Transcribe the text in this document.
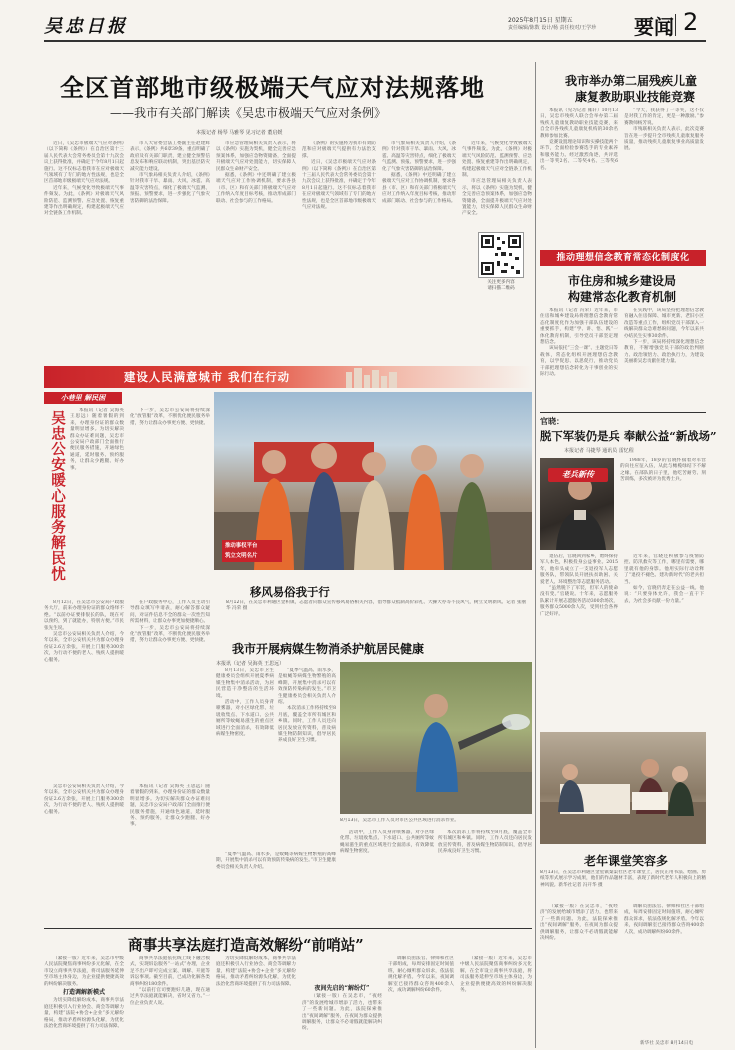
吴忠日报	2025年8月15日 星期五
责任编辑/陈数 设计/杨 责任校对/王学珍 要闻 2
全区首部地市级极端天气应对法规落地
——我市有关部门解读《吴忠市极端天气应对条例》
本报记者 杨琴 马雅琴 见习记者 董启媛

近日，《吴忠市极端天气应对条例》（以下简称《条例》）在自治区第十三届人民代表大会常务委员会第十九次会议上获得批准，并确定于今年8月1日起施行。这不仅标志着我市在应对极端天气领域有了专门的地方性法规，也是全区首部地市级极端天气应对法规。

近年来，气候变化导致极端天气事件频发。为此，《条例》对极端天气风险防范、监测预警、应急处置、恢复重建等作出明确规定，构建起极端天气应对全链条工作机制。

市人大常委会法工委副主任赵建辉表示，《条例》共6章39条，重点明确了政府及有关部门职责，建立健全预警信息发布和响应联动机制，突出基层防灾减灾能力建设。

市气象局相关负责人介绍，《条例》针对我市干旱、暴雨、大风、冰雹、高温等灾害特点，细化了极端天气监测、预报、预警要求，进一步强化了气象灾害防御的法治保障。

市应急管理局相关负责人表示，将以《条例》实施为契机，健全完善应急预案体系，加强应急物资储备，全面提升极端天气应对处置能力，切实保障人民群众生命财产安全。

据悉，《条例》中还明确了建立极端天气应对工作协调机制，要求各县（市、区）和有关部门将极端天气应对工作纳入年度目标考核，推动形成部门联动、社会参与的工作格局。

《条例》的实施将为我市有效防范和应对极端天气提供有力法治支撑。

近日，《吴忠市极端天气应对条例》（以下简称《条例》）在自治区第十三届人民代表大会常务委员会第十九次会议上获得批准，并确定于今年8月1日起施行。这不仅标志着我市在应对极端天气领域有了专门的地方性法规，也是全区首部地市级极端天气应对法规。

市气象局相关负责人介绍，《条例》针对我市干旱、暴雨、大风、冰雹、高温等灾害特点，细化了极端天气监测、预报、预警要求，进一步强化了气象灾害防御的法治保障。

据悉，《条例》中还明确了建立极端天气应对工作协调机制，要求各县（市、区）和有关部门将极端天气应对工作纳入年度目标考核，推动形成部门联动、社会参与的工作格局。

近年来，气候变化导致极端天气事件频发。为此，《条例》对极端天气风险防范、监测预警、应急处置、恢复重建等作出明确规定，构建起极端天气应对全链条工作机制。

市应急管理局相关负责人表示，将以《条例》实施为契机，健全完善应急预案体系，加强应急物资储备，全面提升极端天气应对处置能力，切实保障人民群众生命财产安全。

关注更多内容
请扫描二维码
我市举办第二届残疾儿童
康复教助职业技能竞赛

本报讯（见习记者 雍轩）10月13日，吴忠市残疾人联合会举办第二届残疾儿童康复教助职业技能竞赛，来自全市各残疾儿童康复机构的30余名教师参加比赛。

竞赛设置理论知识和实操技能两个环节，全面检验参赛选手的专业素养和服务能力。经过激烈角逐，共评选出一等奖2名、二等奖4名、三等奖6名。

“今天，我获得了一等奖，这不仅是对我工作的肯定，更是一种激励。”参赛教师杨芳说。

市残联相关负责人表示，此次竞赛旨在进一步提升全市残疾儿童康复服务质量，推动残疾儿童康复事业高质量发展。

推动理想信念教育常态化制度化
市住房和城乡建设局
构建常态化教育机制

本报讯（记者 冯荣）近年来，市住房和城乡建设局将理想信念教育常态化制度化作为加强干部队伍建设的重要抓手，构建“学、讲、悟、践”一体化教育机制，引导党员干部坚定理想信念。

该局依托“三会一课”、主题党日等载体，常态化组织开展理想信念教育，以学促思、以思促行，推动党员干部把理想信念转化为干事创业的实际行动。

在实践中，该局坚持把理想信念教育融入住房保障、城市更新、老旧小区改造等重点工作，组织党员干部深入一线解决群众急难愁盼问题，今年以来共办结民生实事30余件。

下一步，该局将持续深化理想信念教育，不断增强党员干部的政治判断力、政治领悟力、政治执行力，为建设美丽新吴忠贡献住建力量。

官晓：
脱下军装仍是兵 奉献公益“新战场”
本报记者 马捷琴 通讯员 雷忆程
老兵新传

1988年，18岁的官晓怀揣着对军营的向往应征入伍，从此与橄榄绿结下不解之缘。在部队的日子里，他吃苦耐劳、刻苦训练，多次被评为优秀士兵。

退伍后，官晓回到家乡，始终保持军人本色，积极投身公益事业。2015年，他牵头成立了一支退役军人志愿服务队，带领队员开展扶贫助困、关爱老人、环境整治等志愿服务活动。

“虽然脱下了军装，但军人的使命没有变。”官晓说。十年来，志愿服务队累计开展志愿服务活动300余场次，服务群众5000余人次，受到社会各界广泛好评。

近年来，官晓还积极参与疫情防控、防汛救灾等工作，哪里有需要，哪里就有他的身影。他用实际行动诠释了“退役不褪色、建功新时代”的老兵担当。

如今，官晓仍奔走在公益一线。他说：“只要身体允许，我会一直干下去，为社会多贡献一份力量。”

老年课堂笑容多
8月13日，在吴忠市利通区金星镇秦渠社区老年课堂上，居民正用书法、绘画、剪纸等形式展示学习成果，他们的作品题材丰富，表现了新时代老年人积极向上的精神风貌。新华社记者 冯开华 摄
建设人民满意城市 我们在行动
小巷里 解民困
吴忠公安暖心服务解民忧	本报讯（记者 吴海英 王思远）随着暑假的到来，办理身份证的群众数量明显增多。为切实解决群众办证难问题，吴忠市公安局户政部门全面推行便民服务措施，开通绿色通道，延时服务、预约服务，让群众少跑腿、好办事。

8月12日，在吴忠市公安局户政服务大厅，前来办理身份证的群众络绎不绝。“以前办证要排很长的队，现在可以预约，到了就能办，特别方便。”市民张先生说。

吴忠市公安局相关负责人介绍，今年以来，全市公安机关共为群众办理身份证2.6万余张，开展上门服务300余次，为行动不便的老人、残疾人提供暖心服务。

在户政服务中心，工作人员主动引导群众填写申请表，耐心解答群众疑问，对证件信息不全的群众一次性告知所需材料，让群众办事更加便捷顺心。

下一步，吴忠市公安局将持续深化“放管服”改革，不断优化便民服务举措，努力让群众办事更方便、更快捷。

吴忠市公安局相关负责人介绍，今年以来，全市公安机关共为群众办理身份证2.6万余张，开展上门服务300余次，为行动不便的老人、残疾人提供暖心服务。

本报讯（记者 吴海英 王思远）随着暑假的到来，办理身份证的群众数量明显增多。为切实解决群众办证难问题，吴忠市公安局户政部门全面推行便民服务措施，开通绿色通道，延时服务、预约服务，让群众少跑腿、好办事。

下一步，吴忠市公安局将持续深化“放管服”改革，不断优化便民服务举措，努力让群众办事更方便、更快捷。

推动事权平台
筑立文明名片
移风易俗我于行
8月12日，在吴忠市利通区金积镇，志愿者向群众宣传移风易俗相关内容，倡导群众抵制高价彩礼、大操大办等不良风气，树立文明新风。记者 张丽华 冯荣 摄
我市开展病媒生物消杀护航居民健康
本报讯（记者 吴海英 王思远）

8月13日，吴忠市卫生健康委员会组织开展夏季病媒生物集中消杀活动，为居民营造干净整洁的生活环境。

活动中，工作人员身背喷雾器，对小区绿化带、垃圾收集点、下水道口、公共厕所等蚊蝇易滋生的重点区域进行全面消杀，有效降低病媒生物密度。

“夏季气温高、雨水多，是蚊蝇等病媒生物繁殖的高峰期，开展集中消杀可以有效预防传染病的发生。”市卫生健康委员会相关负责人介绍。

本次消杀工作将持续至8月底，覆盖全市所有城区和乡镇。同时，工作人员还向居民发放宣传资料，普及病媒生物防制知识，倡导居民养成良好卫生习惯。

8月13日，吴忠市工作人员对市区公共区域进行消杀作业。

活动中，工作人员身背喷雾器，对小区绿化带、垃圾收集点、下水道口、公共厕所等蚊蝇易滋生的重点区域进行全面消杀，有效降低病媒生物密度。

本次消杀工作将持续至8月底，覆盖全市所有城区和乡镇。同时，工作人员还向居民发放宣传资料，普及病媒生物防制知识，倡导居民养成良好卫生习惯。

“夏季气温高、雨水多，是蚊蝇等病媒生物繁殖的高峰期，开展集中消杀可以有效预防传染病的发生。”市卫生健康委员会相关负责人介绍。

商事共享法庭打造高效解纷“前哨站”

（紧接一版）近年来，吴忠市中级人民法院聚焦商事纠纷多元化解，在全市设立商事共享法庭，将司法服务延伸至市场主体身边，为企业提供便捷高效的纠纷解决服务。

打造调解新模式

为切实降低解纷成本，商事共享法庭还积极引入行业协会、商会等调解力量，构建“法院+协会+企业”多元解纷格局，推动矛盾纠纷源头化解，为优化法治化营商环境提供了有力司法保障。

商事共享法庭依托线上线下融合模式，实现诉讼服务“一站式”办理，企业足不出户即可完成立案、调解、开庭等诉讼事项。截至目前，已成功化解各类商事纠纷180余件。

“以前打官司要跑好几趟，现在通过共享法庭就能解决，省时又省力。”一位企业负责人说。

为切实降低解纷成本，商事共享法庭还积极引入行业协会、商会等调解力量，构建“法院+协会+企业”多元解纷格局，推动矛盾纠纷源头化解，为优化法治化营商环境提供了有力司法保障。

夜间先启的“解纷灯”

（紧接一版）在吴忠市，“夜经济”的发展给城市增添了活力，也带来了一些新问题。为此，法院探索推出“夜间调解”服务，在夜间为群众提供调解服务，让群众不必请假就能解决纠纷。

调解员由法官、律师和社区干部组成，每周安排固定时间值班，耐心倾听群众诉求，依法依规化解矛盾。今年以来，夜间调解室已接待群众咨询400余人次，成功调解纠纷60余件。

（紧接一版）近年来，吴忠市中级人民法院聚焦商事纠纷多元化解，在全市设立商事共享法庭，将司法服务延伸至市场主体身边，为企业提供便捷高效的纠纷解决服务。

（紧接一版）在吴忠市，“夜经济”的发展给城市增添了活力，也带来了一些新问题。为此，法院探索推出“夜间调解”服务，在夜间为群众提供调解服务，让群众不必请假就能解决纠纷。

调解员由法官、律师和社区干部组成，每周安排固定时间值班，耐心倾听群众诉求，依法依规化解矛盾。今年以来，夜间调解室已接待群众咨询400余人次，成功调解纠纷60余件。

新华社 吴忠市 8月14日电
